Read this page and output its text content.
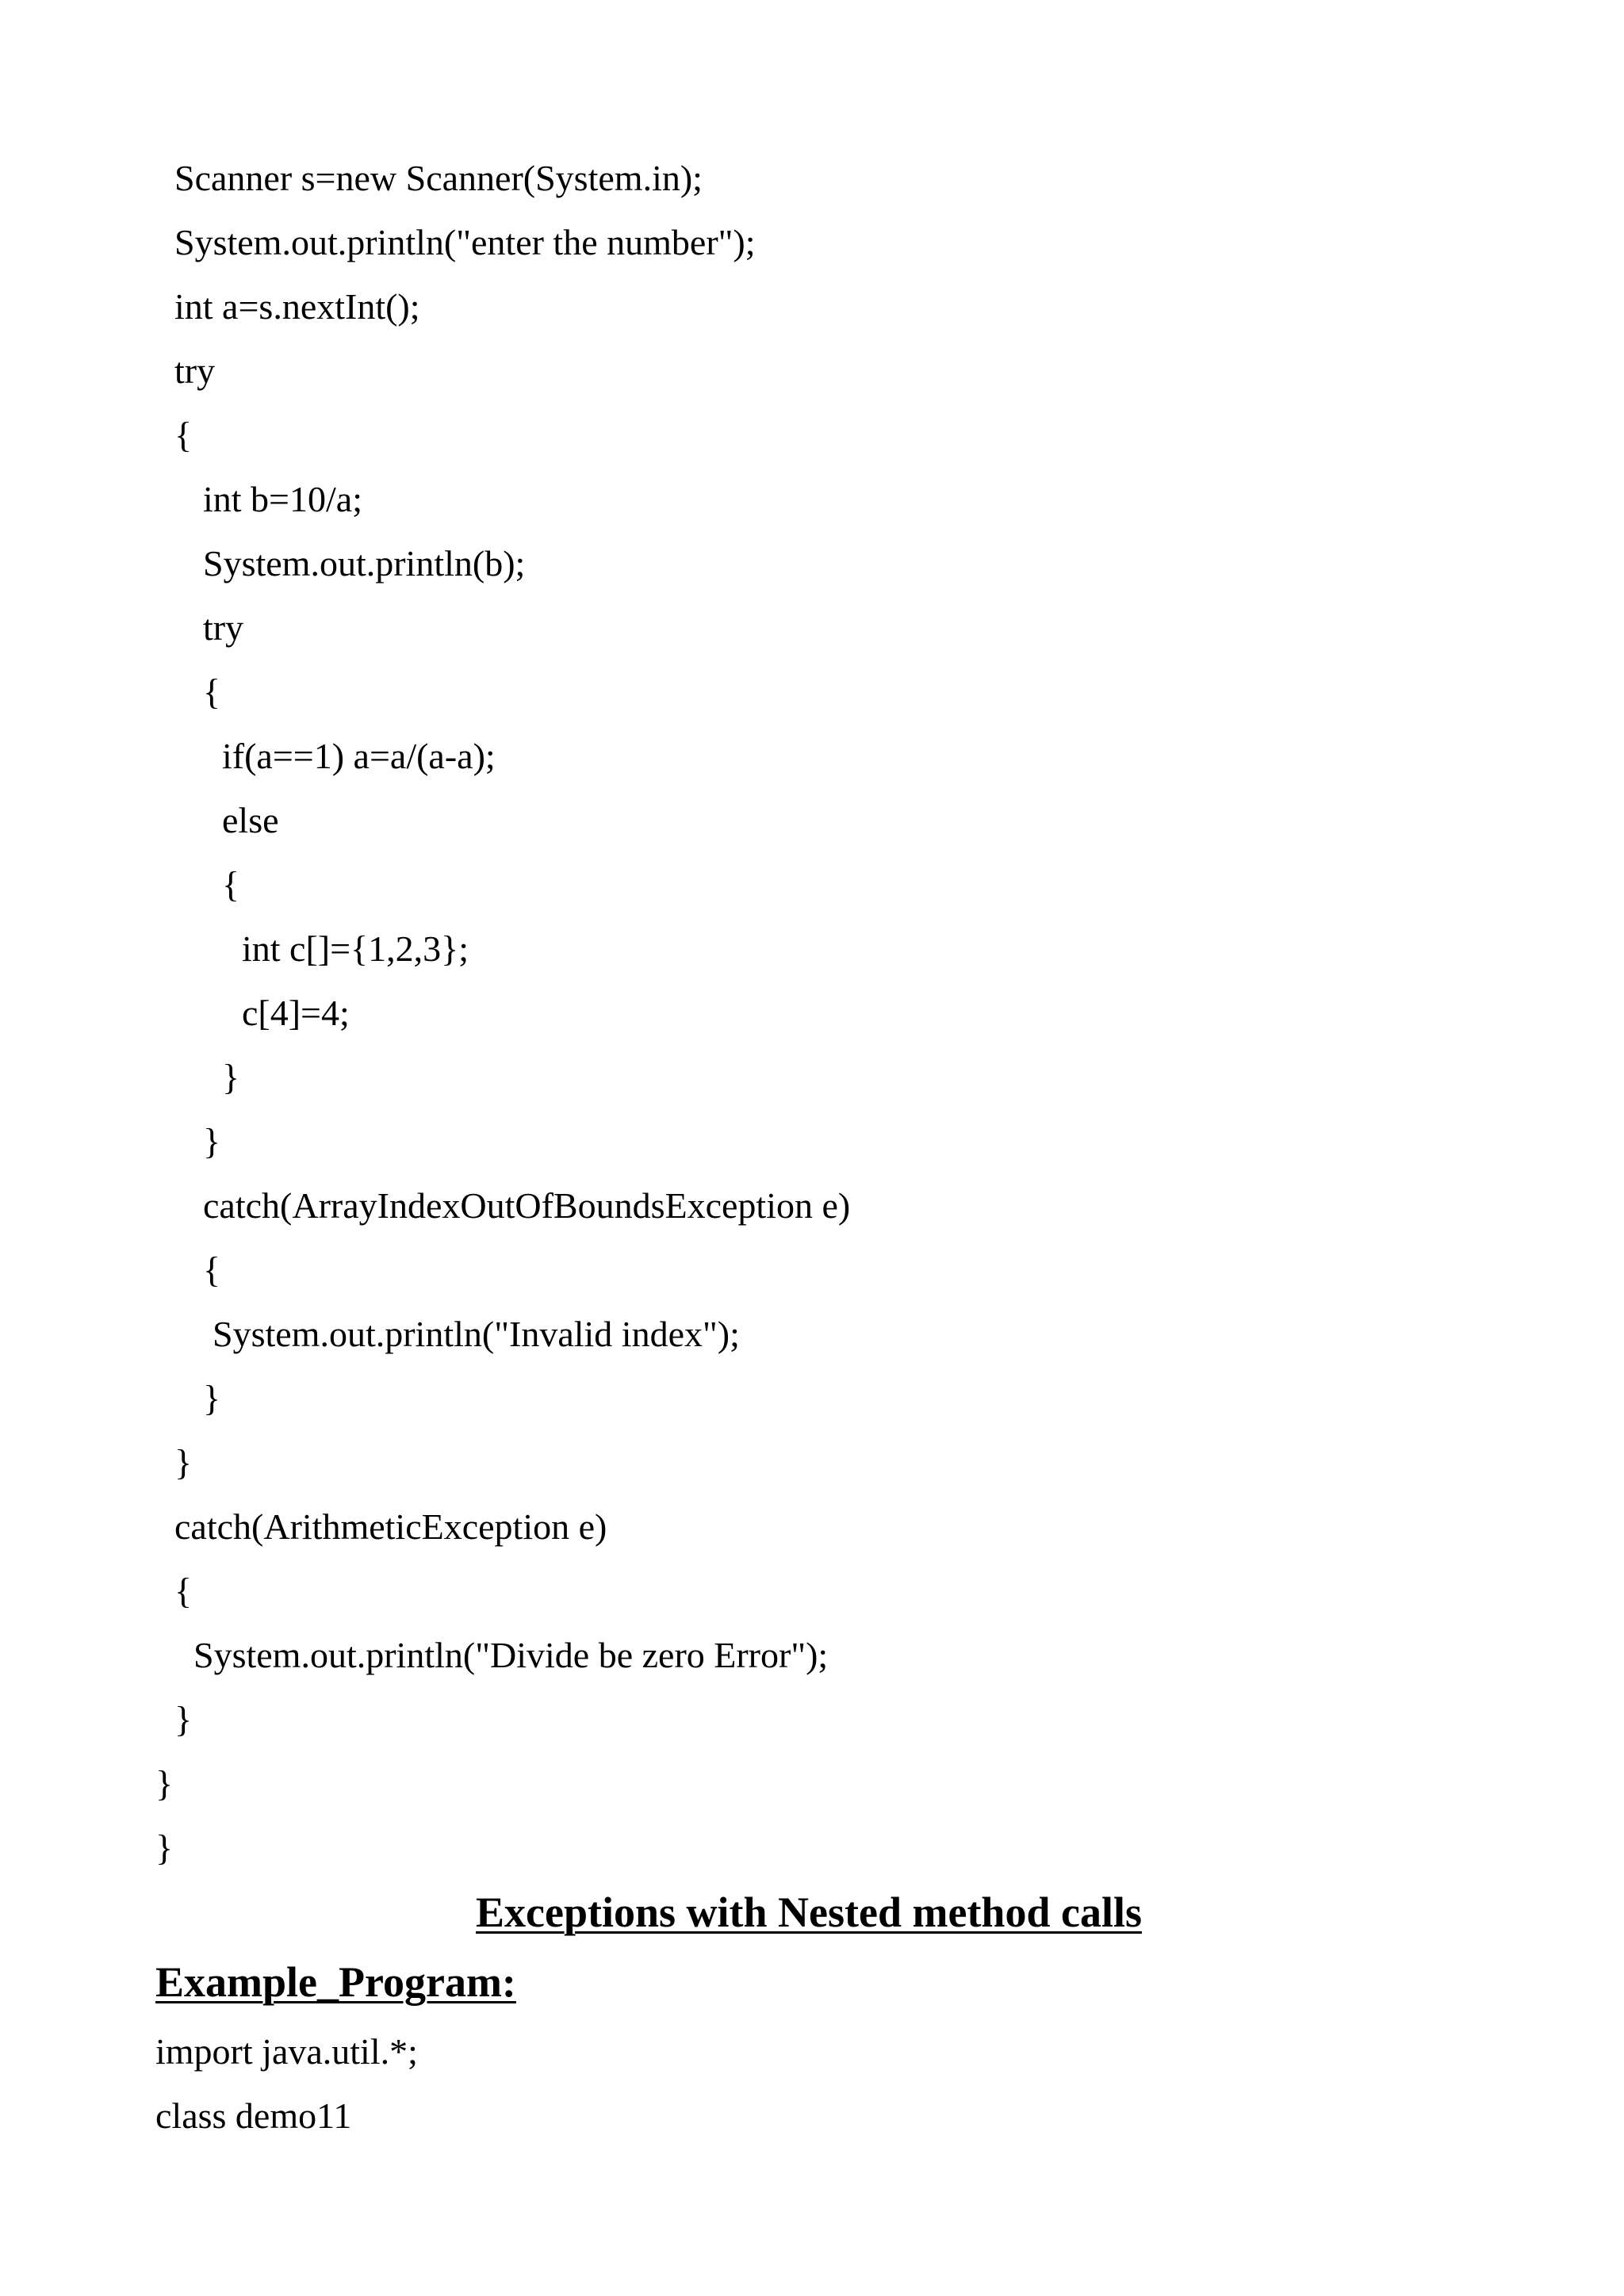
Scanner s=new Scanner(System.in);
System.out.println("enter the number");
int a=s.nextInt();
try
{
int b=10/a;
System.out.println(b);
try
{
if(a==1) a=a/(a-a);
else
{
int c[]={1,2,3};
c[4]=4;
}
}
catch(ArrayIndexOutOfBoundsException e)
{
System.out.println("Invalid index");
}
}
catch(ArithmeticException e)
{
System.out.println("Divide be zero Error");
}
}
}
Exceptions with Nested method calls
Example_Program:
import java.util.*;
class demo11
